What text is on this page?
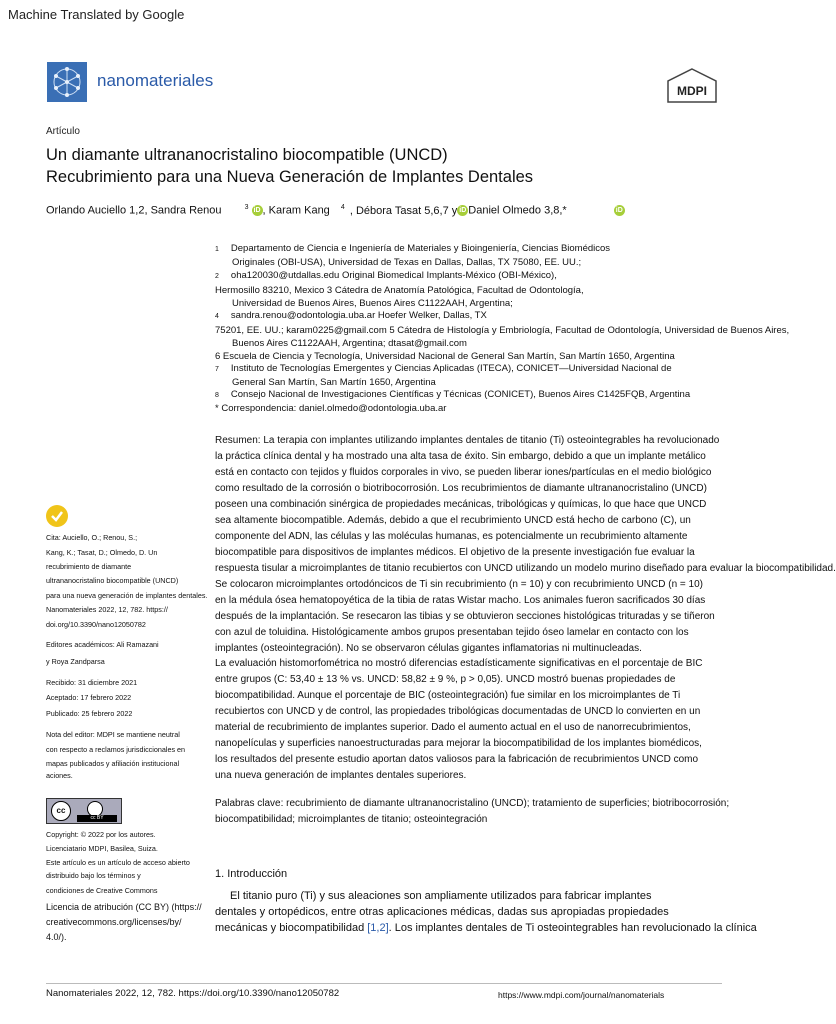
Machine Translated by Google
nanomateriales
MDPI
Artículo
Un diamante ultrananocristalino biocompatible (UNCD)
Recubrimiento para una Nueva Generación de Implantes Dentales
Orlando Auciello 1,2, Sandra Renou	$^3$ iD , Karam Kang $^4$ , Débora Tasat 5,6,7 y iD Daniel Olmedo 3,8,*	iD
1 Departamento de Ciencia e Ingeniería de Materiales y Bioingeniería, Ciencias Biomédicos
Originales (OBI-USA), Universidad de Texas en Dallas, Dallas, TX 75080, EE. UU.;
2 oha120030@utdallas.edu Original Biomedical Implants-México (OBI-México),
Hermosillo 83210, Mexico 3 Cátedra de Anatomía Patológica, Facultad de Odontología,
Universidad de Buenos Aires, Buenos Aires C1122AAH, Argentina;
4 sandra.renou@odontologia.uba.ar Hoefer Welker, Dallas, TX
75201, EE. UU.; karam0225@gmail.com 5 Cátedra de Histología y Embriología, Facultad de Odontología, Universidad de Buenos Aires,
Buenos Aires C1122AAH, Argentina; dtasat@gmail.com
6 Escuela de Ciencia y Tecnología, Universidad Nacional de General San Martín, San Martín 1650, Argentina
7 Instituto de Tecnologías Emergentes y Ciencias Aplicadas (ITECA), CONICET—Universidad Nacional de
General San Martín, San Martín 1650, Argentina
8 Consejo Nacional de Investigaciones Científicas y Técnicas (CONICET), Buenos Aires C1425FQB, Argentina
* Correspondencia: daniel.olmedo@odontologia.uba.ar
Resumen: La terapia con implantes utilizando implantes dentales de titanio (Ti) osteointegrables ha revolucionado
la práctica clínica dental y ha mostrado una alta tasa de éxito. Sin embargo, debido a que un implante metálico
está en contacto con tejidos y fluidos corporales in vivo, se pueden liberar iones/partículas en el medio biológico
como resultado de la corrosión o biotribocorrosión. Los recubrimientos de diamante ultrananocristalino (UNCD)
poseen una combinación sinérgica de propiedades mecánicas, tribológicas y químicas, lo que hace que UNCD
sea altamente biocompatible. Además, debido a que el recubrimiento UNCD está hecho de carbono (C), un
componente del ADN, las células y las moléculas humanas, es potencialmente un recubrimiento altamente
biocompatible para dispositivos de implantes médicos. El objetivo de la presente investigación fue evaluar la
respuesta tisular a microimplantes de titanio recubiertos con UNCD utilizando un modelo murino diseñado para evaluar la biocompatibilidad.
Se colocaron microimplantes ortodóncicos de Ti sin recubrimiento (n = 10) y con recubrimiento UNCD (n = 10)
en la médula ósea hematopoyética de la tibia de ratas Wistar macho. Los animales fueron sacrificados 30 días
después de la implantación. Se resecaron las tibias y se obtuvieron secciones histológicas trituradas y se tiñeron
con azul de toluidina. Histológicamente ambos grupos presentaban tejido óseo lamelar en contacto con los
implantes (osteointegración). No se observaron células gigantes inflamatorias ni multinucleadas.
La evaluación histomorfométrica no mostró diferencias estadísticamente significativas en el porcentaje de BIC
entre grupos (C: 53,40 ± 13 % vs. UNCD: 58,82 ± 9 %, p > 0,05). UNCD mostró buenas propiedades de
biocompatibilidad. Aunque el porcentaje de BIC (osteointegración) fue similar en los microimplantes de Ti
recubiertos con UNCD y de control, las propiedades tribológicas documentadas de UNCD lo convierten en un
material de recubrimiento de implantes superior. Dado el aumento actual en el uso de nanorrecubrimientos,
nanopelículas y superficies nanoestructuradas para mejorar la biocompatibilidad de los implantes biomédicos,
los resultados del presente estudio aportan datos valiosos para la fabricación de recubrimientos UNCD como
una nueva generación de implantes dentales superiores.
Palabras clave: recubrimiento de diamante ultrananocristalino (UNCD); tratamiento de superficies; biotribocorrosión;
biocompatibilidad; microimplantes de titanio; osteointegración
Cita: Auciello, O.; Renou, S.;
Kang, K.; Tasat, D.; Olmedo, D. Un
recubrimiento de diamante
ultrananocristalino biocompatible (UNCD)
para una nueva generación de implantes dentales.
Nanomateriales 2022, 12, 782. https://
doi.org/10.3390/nano12050782
Editores académicos: Ali Ramazani
y Roya Zandparsa
Recibido: 31 diciembre 2021
Aceptado: 17 febrero 2022
Publicado: 25 febrero 2022
Nota del editor: MDPI se mantiene neutral
con respecto a reclamos jurisdiccionales en
mapas publicados y afiliación institucional
aciones.
cc
cc BY
Copyright: © 2022 por los autores.
Licenciatario MDPI, Basilea, Suiza.
Este artículo es un artículo de acceso abierto
distribuido bajo los términos y
condiciones de Creative Commons
Licencia de atribución (CC BY) (https://
creativecommons.org/licenses/by/
4.0/).
1. Introducción
El titanio puro (Ti) y sus aleaciones son ampliamente utilizados para fabricar implantes
dentales y ortopédicos, entre otras aplicaciones médicas, dadas sus apropiadas propiedades
mecánicas y biocompatibilidad [1,2]. Los implantes dentales de Ti osteointegrables han revolucionado la clínica
Nanomateriales 2022, 12, 782. https://doi.org/10.3390/nano12050782	https://www.mdpi.com/journal/nanomaterials
